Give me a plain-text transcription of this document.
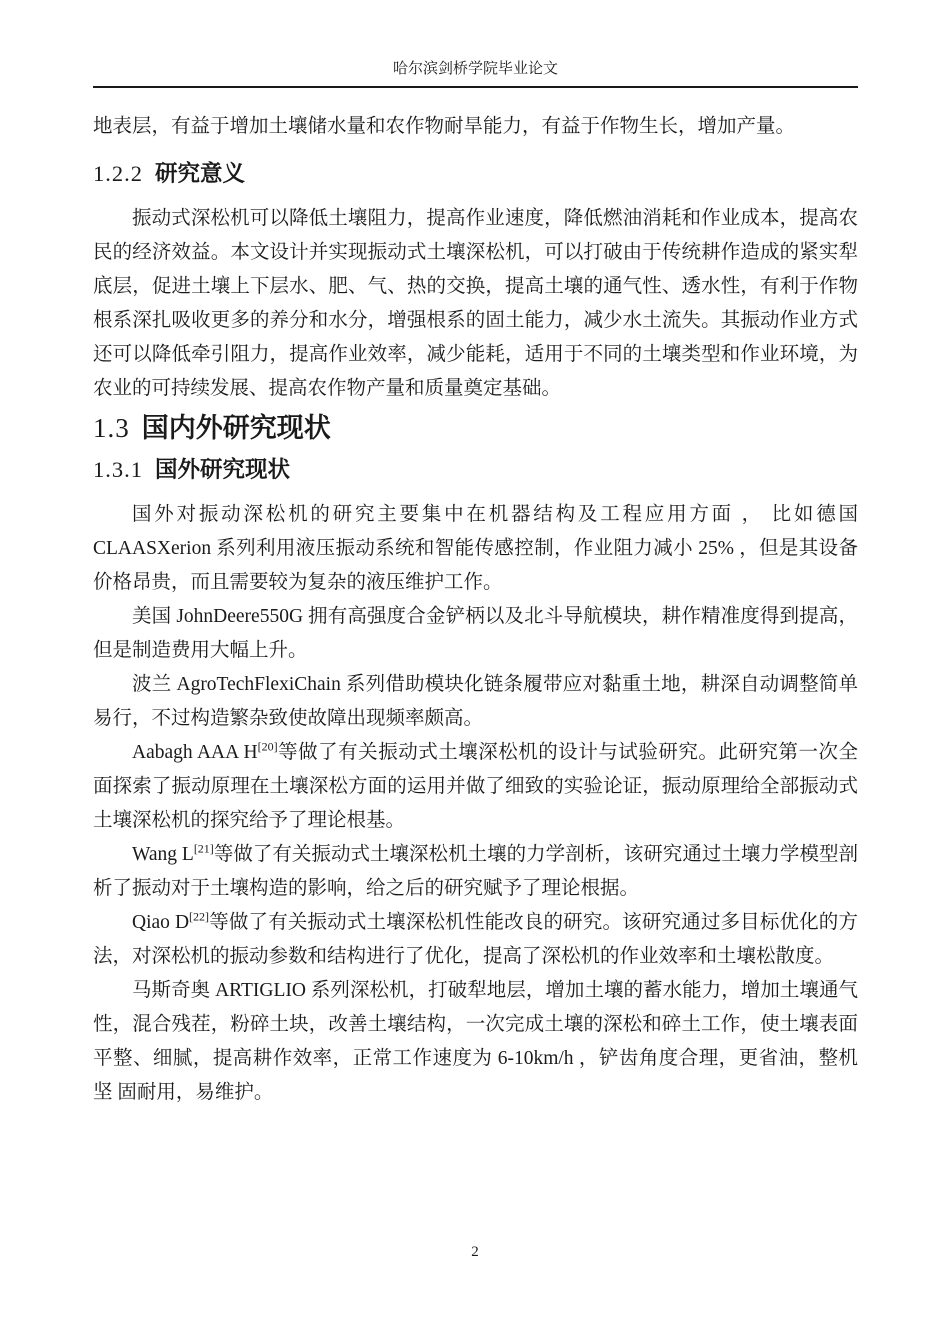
哈尔滨剑桥学院毕业论文

地表层，有益于增加土壤储水量和农作物耐旱能力，有益于作物生长，增加产量。

1.2.2 研究意义

振动式深松机可以降低土壤阻力，提高作业速度，降低燃油消耗和作业成本，提高农民的经济效益。本文设计并实现振动式土壤深松机，可以打破由于传统耕作造成的紧实犁底层，促进土壤上下层水、肥、气、热的交换，提高土壤的通气性、透水性，有利于作物根系深扎吸收更多的养分和水分，增强根系的固土能力，减少水土流失。其振动作业方式还可以降低牵引阻力，提高作业效率，减少能耗，适用于不同的土壤类型和作业环境，为农业的可持续发展、提高农作物产量和质量奠定基础。

1.3 国内外研究现状
1.3.1 国外研究现状

国外对振动深松机的研究主要集中在机器结构及工程应用方面 ， 比如德国 CLAASXerion 系列利用液压振动系统和智能传感控制，作业阻力减小 25% ，但是其设备 价格昂贵，而且需要较为复杂的液压维护工作。

美国 JohnDeere550G 拥有高强度合金铲柄以及北斗导航模块，耕作精准度得到提高，但是制造费用大幅上升。

波兰 AgroTechFlexiChain 系列借助模块化链条履带应对黏重土地，耕深自动调整简单易行，不过构造繁杂致使故障出现频率颇高。

Aabagh AAA H[20]等做了有关振动式土壤深松机的设计与试验研究。此研究第一次全面探索了振动原理在土壤深松方面的运用并做了细致的实验论证，振动原理给全部振动式土壤深松机的探究给予了理论根基。

Wang L[21]等做了有关振动式土壤深松机土壤的力学剖析，该研究通过土壤力学模型剖析了振动对于土壤构造的影响，给之后的研究赋予了理论根据。

Qiao D[22]等做了有关振动式土壤深松机性能改良的研究。该研究通过多目标优化的方法，对深松机的振动参数和结构进行了优化，提高了深松机的作业效率和土壤松散度。

马斯奇奥 ARTIGLIO 系列深松机，打破犁地层，增加土壤的蓄水能力，增加土壤通气 性，混合残茬，粉碎土块，改善土壤结构，一次完成土壤的深松和碎土工作，使土壤表面 平整、细腻，提高耕作效率，正常工作速度为 6-10km/h ，铲齿角度合理，更省油，整机坚 固耐用，易维护。

2
